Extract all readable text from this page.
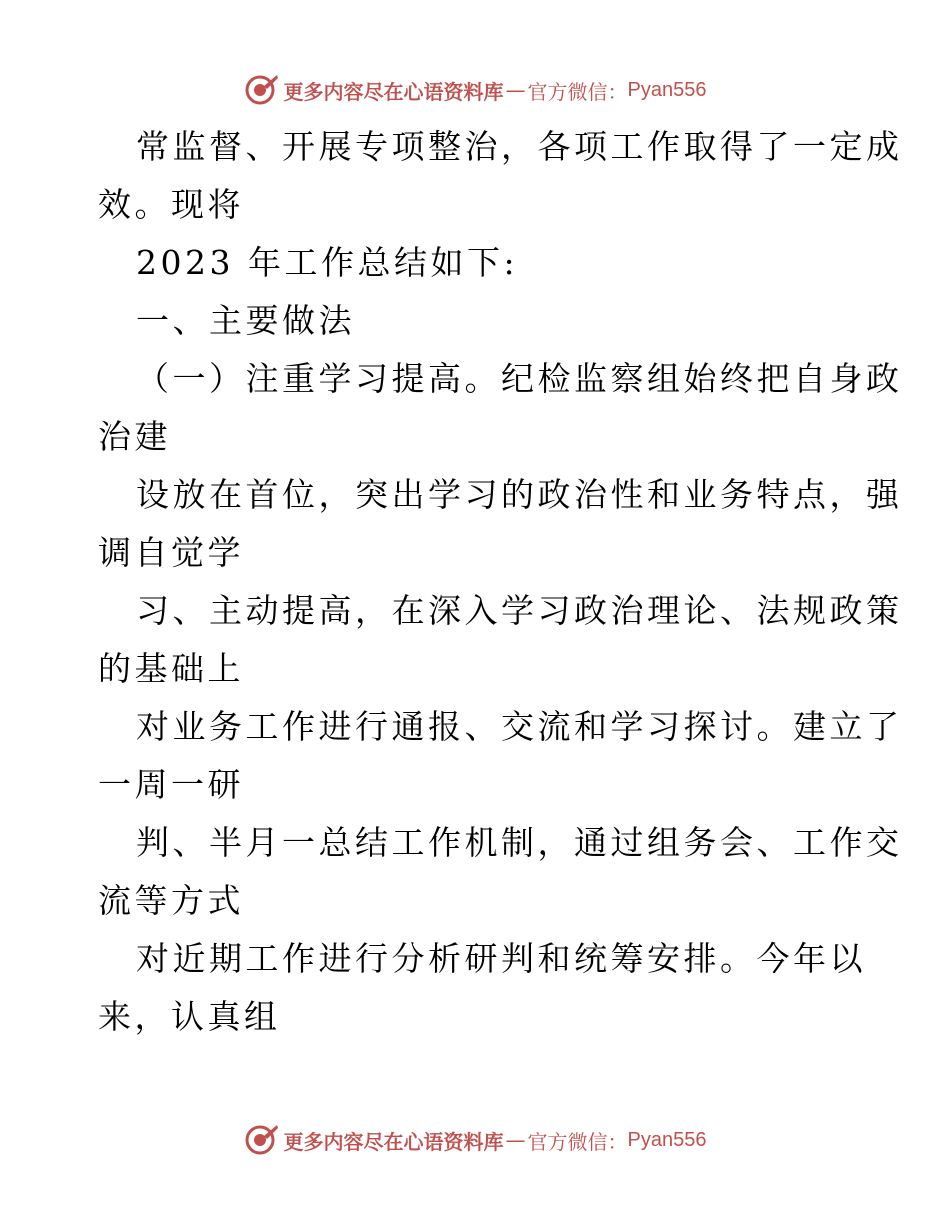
更多内容尽在心语资料库 — 官方微信： Pyan556
常监督、开展专项整治，各项工作取得了一定成
效。现将
2023 年工作总结如下:
一、主要做法
（一）注重学习提高。纪检监察组始终把自身政
治建
设放在首位，突出学习的政治性和业务特点，强
调自觉学
习、主动提高，在深入学习政治理论、法规政策
的基础上
对业务工作进行通报、交流和学习探讨。建立了
一周一研
判、半月一总结工作机制，通过组务会、工作交
流等方式
对近期工作进行分析研判和统筹安排。今年以
来，认真组
更多内容尽在心语资料库 — 官方微信： Pyan556
